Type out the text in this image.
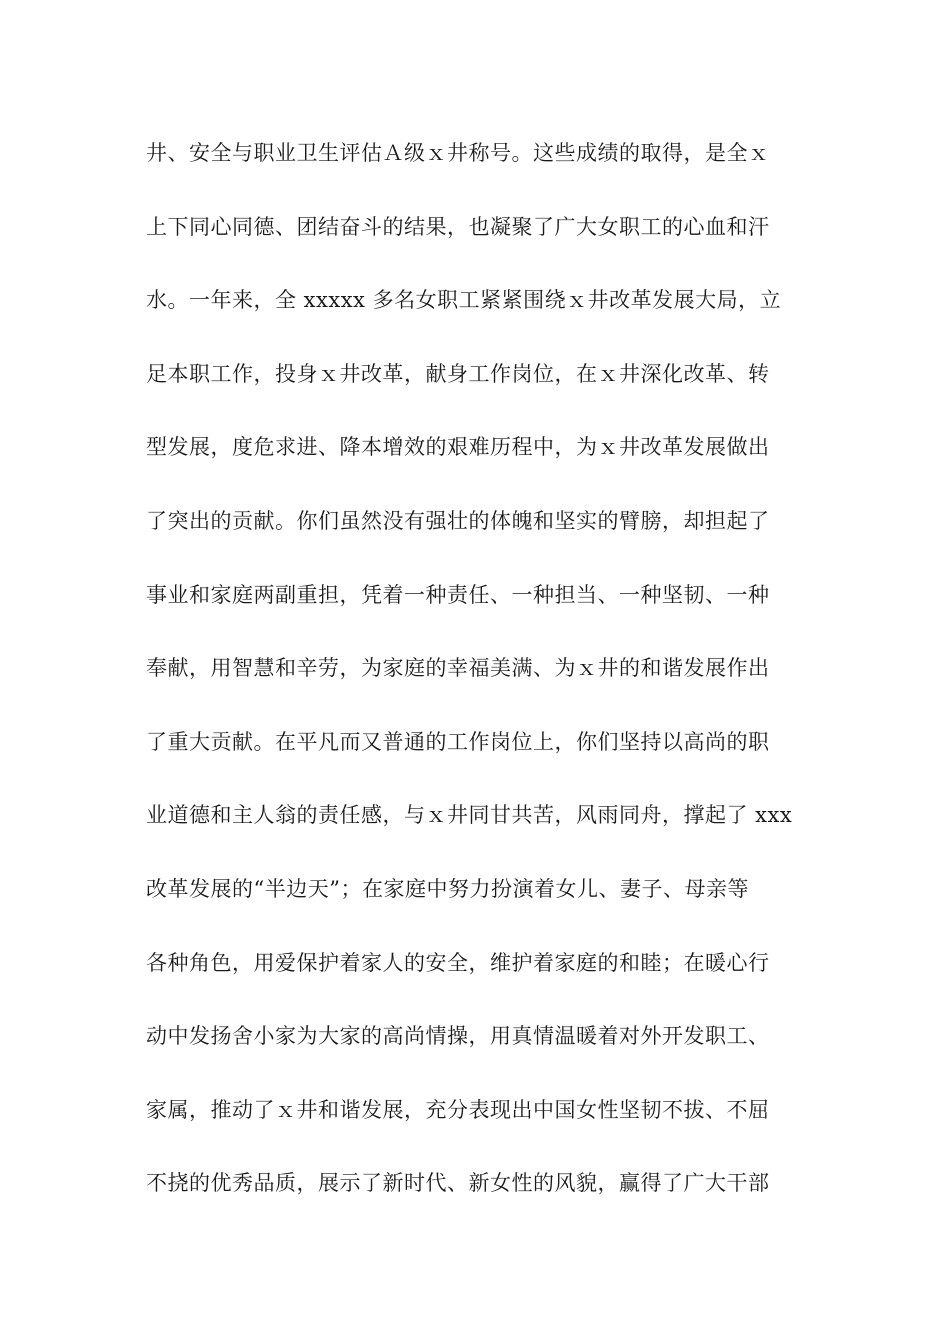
井、安全与职业卫生评估Ａ级ｘ井称号。这些成绩的取得，是全ｘ
上下同心同德、团结奋斗的结果，也凝聚了广大女职工的心血和汗
水。一年来，全 xxxxx 多名女职工紧紧围绕ｘ井改革发展大局，立
足本职工作，投身ｘ井改革，献身工作岗位，在ｘ井深化改革、转
型发展，度危求进、降本增效的艰难历程中，为ｘ井改革发展做出
了突出的贡献。你们虽然没有强壮的体魄和坚实的臂膀，却担起了
事业和家庭两副重担，凭着一种责任、一种担当、一种坚韧、一种
奉献，用智慧和辛劳，为家庭的幸福美满、为ｘ井的和谐发展作出
了重大贡献。在平凡而又普通的工作岗位上，你们坚持以高尚的职
业道德和主人翁的责任感，与ｘ井同甘共苦，风雨同舟，撑起了 xxx
改革发展的“半边天”；在家庭中努力扮演着女儿、妻子、母亲等
各种角色，用爱保护着家人的安全，维护着家庭的和睦；在暖心行
动中发扬舍小家为大家的高尚情操，用真情温暖着对外开发职工、
家属，推动了ｘ井和谐发展，充分表现出中国女性坚韧不拔、不屈
不挠的优秀品质，展示了新时代、新女性的风貌，赢得了广大干部
